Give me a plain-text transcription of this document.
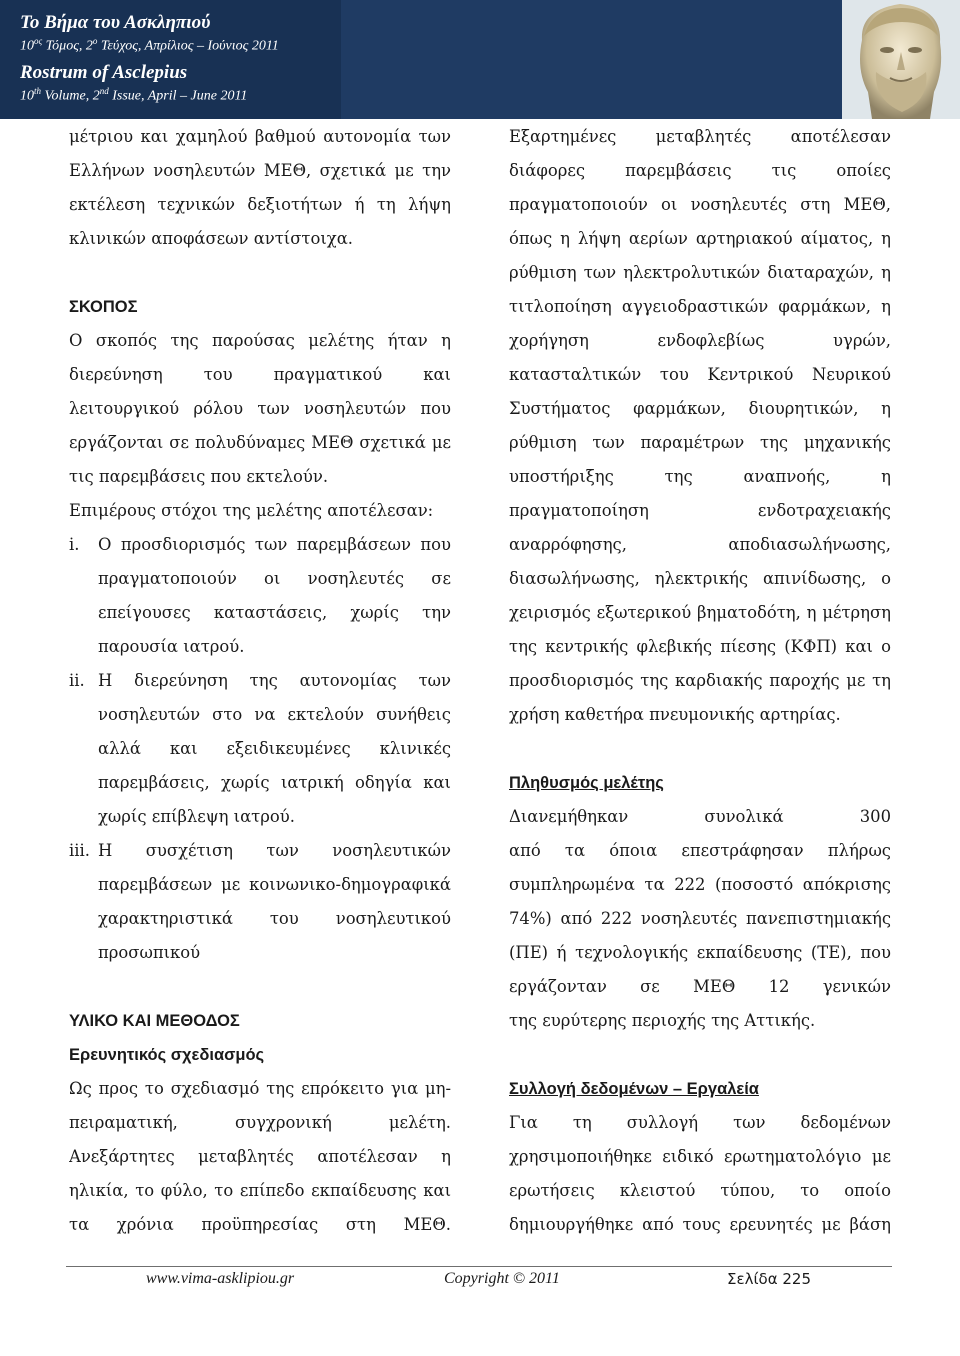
Το Βήμα του Ασκληπιού
$10^{o\varsigma}$ Τόμος, $2^o$ Τεύχος, Απρίλιος – Ιούνιος 2011
Rostrum of Asclepius
10th Volume, 2nd Issue, April – June 2011
μέτριου και χαμηλού βαθμού αυτονομία των
Ελλήνων νοσηλευτών ΜΕΘ, σχετικά με την
εκτέλεση τεχνικών δεξιοτήτων ή τη λήψη
κλινικών αποφάσεων αντίστοιχα.
ΣΚΟΠΟΣ
Ο σκοπός της παρούσας μελέτης ήταν η
διερεύνηση του πραγματικού και
λειτουργικού ρόλου των νοσηλευτών που
εργάζονται σε πολυδύναμες ΜΕΘ σχετικά με
τις παρεμβάσεις που εκτελούν.
Επιμέρους στόχοι της μελέτης αποτέλεσαν:
i. Ο προσδιορισμός των παρεμβάσεων που
πραγματοποιούν οι νοσηλευτές σε
επείγουσες καταστάσεις, χωρίς την
παρουσία ιατρού.
ii. Η διερεύνηση της αυτονομίας των
νοσηλευτών στο να εκτελούν συνήθεις
αλλά και εξειδικευμένες κλινικές
παρεμβάσεις, χωρίς ιατρική οδηγία και
χωρίς επίβλεψη ιατρού.
iii. Η συσχέτιση των νοσηλευτικών
παρεμβάσεων με κοινωνικο-δημογραφικά
χαρακτηριστικά του νοσηλευτικού
προσωπικού
ΥΛΙΚΟ ΚΑΙ ΜΕΘΟΔΟΣ
Ερευνητικός σχεδιασμός
Ως προς το σχεδιασμό της επρόκειτο για μη-
πειραματική, συγχρονική μελέτη.
Ανεξάρτητες μεταβλητές αποτέλεσαν η
ηλικία, το φύλο, το επίπεδο εκπαίδευσης και
τα χρόνια προϋπηρεσίας στη ΜΕΘ.
Εξαρτημένες μεταβλητές αποτέλεσαν
διάφορες παρεμβάσεις τις οποίες
πραγματοποιούν οι νοσηλευτές στη ΜΕΘ,
όπως η λήψη αερίων αρτηριακού αίματος, η
ρύθμιση των ηλεκτρολυτικών διαταραχών, η
τιτλοποίηση αγγειοδραστικών φαρμάκων, η
χορήγηση ενδοφλεβίως υγρών,
κατασταλτικών του Κεντρικού Νευρικού
Συστήματος φαρμάκων, διουρητικών, η
ρύθμιση των παραμέτρων της μηχανικής
υποστήριξης της αναπνοής, η
πραγματοποίηση ενδοτραχειακής
αναρρόφησης, αποδιασωλήνωσης,
διασωλήνωσης, ηλεκτρικής απινίδωσης, ο
χειρισμός εξωτερικού βηματοδότη, η μέτρηση
της κεντρικής φλεβικής πίεσης (ΚΦΠ) και ο
προσδιορισμός της καρδιακής παροχής με τη
χρήση καθετήρα πνευμονικής αρτηρίας.
Πληθυσμός μελέτης
Διανεμήθηκαν συνολικά 300
από τα όποια επεστράφησαν πλήρως
συμπληρωμένα τα 222 (ποσοστό απόκρισης
74%) από 222 νοσηλευτές πανεπιστημιακής
(ΠΕ) ή τεχνολογικής εκπαίδευσης (ΤΕ), που
εργάζονταν σε ΜΕΘ 12 γενικών
της ευρύτερης περιοχής της Αττικής.
Συλλογή δεδομένων – Εργαλεία
Για τη συλλογή των δεδομένων
χρησιμοποιήθηκε ειδικό ερωτηματολόγιο με
ερωτήσεις κλειστού τύπου, το οποίο
δημιουργήθηκε από τους ερευνητές με βάση
www.vima-asklipiou.gr	Copyright © 2011	Σελίδα 225
